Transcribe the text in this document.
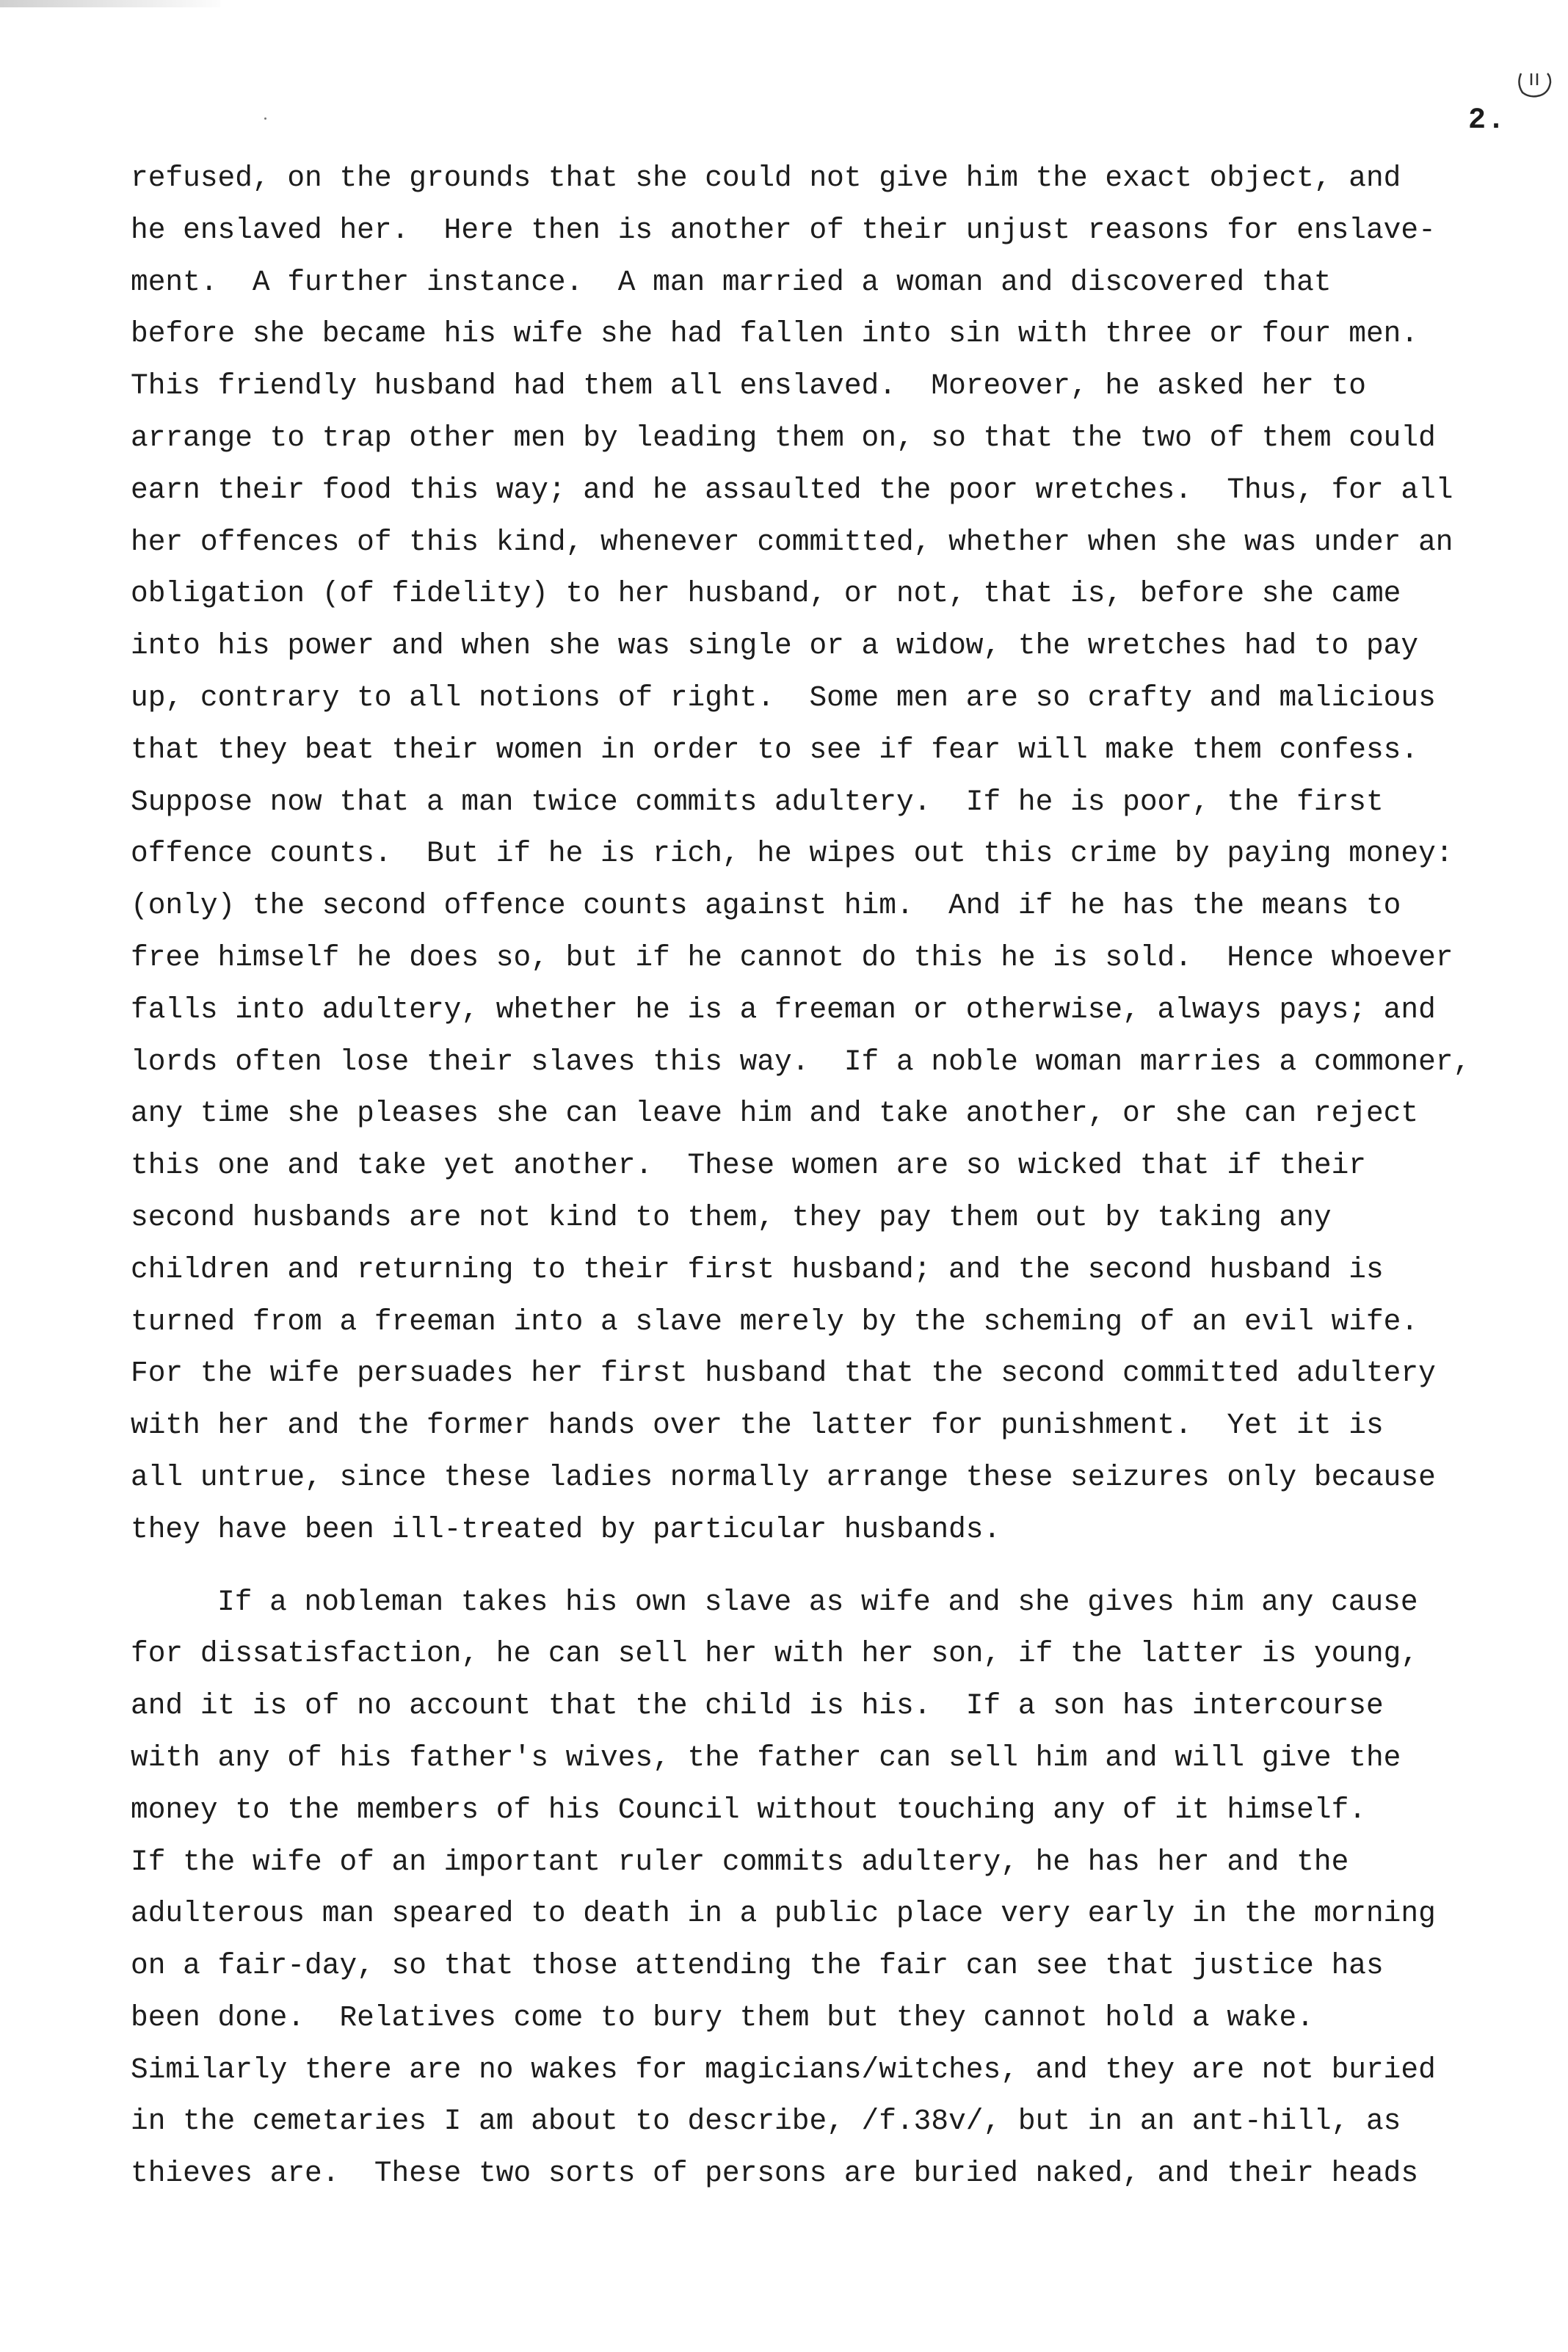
2.
refused, on the grounds that she could not give him the exact object, and
he enslaved her.  Here then is another of their unjust reasons for enslave-
ment.  A further instance.  A man married a woman and discovered that
before she became his wife she had fallen into sin with three or four men.
This friendly husband had them all enslaved.  Moreover, he asked her to
arrange to trap other men by leading them on, so that the two of them could
earn their food this way; and he assaulted the poor wretches.  Thus, for all
her offences of this kind, whenever committed, whether when she was under an
obligation (of fidelity) to her husband, or not, that is, before she came
into his power and when she was single or a widow, the wretches had to pay
up, contrary to all notions of right.  Some men are so crafty and malicious
that they beat their women in order to see if fear will make them confess.
Suppose now that a man twice commits adultery.  If he is poor, the first
offence counts.  But if he is rich, he wipes out this crime by paying money:
(only) the second offence counts against him.  And if he has the means to
free himself he does so, but if he cannot do this he is sold.  Hence whoever
falls into adultery, whether he is a freeman or otherwise, always pays; and
lords often lose their slaves this way.  If a noble woman marries a commoner,
any time she pleases she can leave him and take another, or she can reject
this one and take yet another.  These women are so wicked that if their
second husbands are not kind to them, they pay them out by taking any
children and returning to their first husband; and the second husband is
turned from a freeman into a slave merely by the scheming of an evil wife.
For the wife persuades her first husband that the second committed adultery
with her and the former hands over the latter for punishment.  Yet it is
all untrue, since these ladies normally arrange these seizures only because
they have been ill-treated by particular husbands.
If a nobleman takes his own slave as wife and she gives him any cause
for dissatisfaction, he can sell her with her son, if the latter is young,
and it is of no account that the child is his.  If a son has intercourse
with any of his father's wives, the father can sell him and will give the
money to the members of his Council without touching any of it himself.
If the wife of an important ruler commits adultery, he has her and the
adulterous man speared to death in a public place very early in the morning
on a fair-day, so that those attending the fair can see that justice has
been done.  Relatives come to bury them but they cannot hold a wake.
Similarly there are no wakes for magicians/witches, and they are not buried
in the cemetaries I am about to describe, /f.38v/, but in an ant-hill, as
thieves are.  These two sorts of persons are buried naked, and their heads
